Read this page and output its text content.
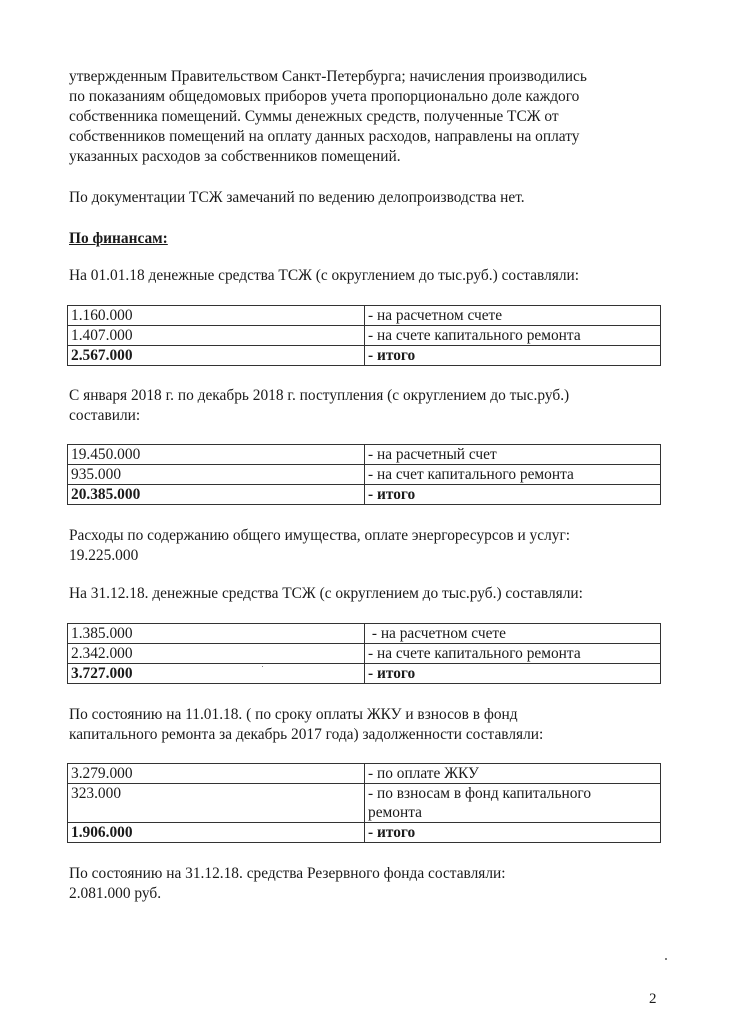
утвержденным Правительством Санкт-Петербурга; начисления производились
по показаниям общедомовых приборов учета пропорционально доле каждого
собственника помещений. Суммы денежных средств, полученные ТСЖ от
собственников помещений на оплату данных расходов, направлены на оплату
указанных расходов за собственников помещений.

По документации ТСЖ замечаний по ведению делопроизводства нет.

По финансам:

На 01.01.18 денежные средства ТСЖ (с округлением до тыс.руб.) составляли:

1.160.000	- на расчетном счете
1.407.000	- на счете капитального ремонта
2.567.000	- итого

С января 2018 г. по декабрь 2018 г. поступления (с округлением до тыс.руб.)
составили:

19.450.000	- на расчетный счет
935.000	- на счет капитального ремонта
20.385.000	- итого

Расходы по содержанию общего имущества, оплате энергоресурсов и услуг:
19.225.000

На 31.12.18. денежные средства ТСЖ (с округлением до тыс.руб.) составляли:

1.385.000	- на расчетном счете
2.342.000	- на счете капитального ремонта
3.727.000	- итого

По состоянию на 11.01.18. ( по сроку оплаты ЖКУ и взносов в фонд
капитального ремонта за декабрь 2017 года) задолженности составляли:

3.279.000	- по оплате ЖКУ
323.000	- по взносам в фонд капитального
ремонта

1.906.000	- итого

По состоянию на 31.12.18. средства Резервного фонда составляли:
2.081.000 руб.

2
